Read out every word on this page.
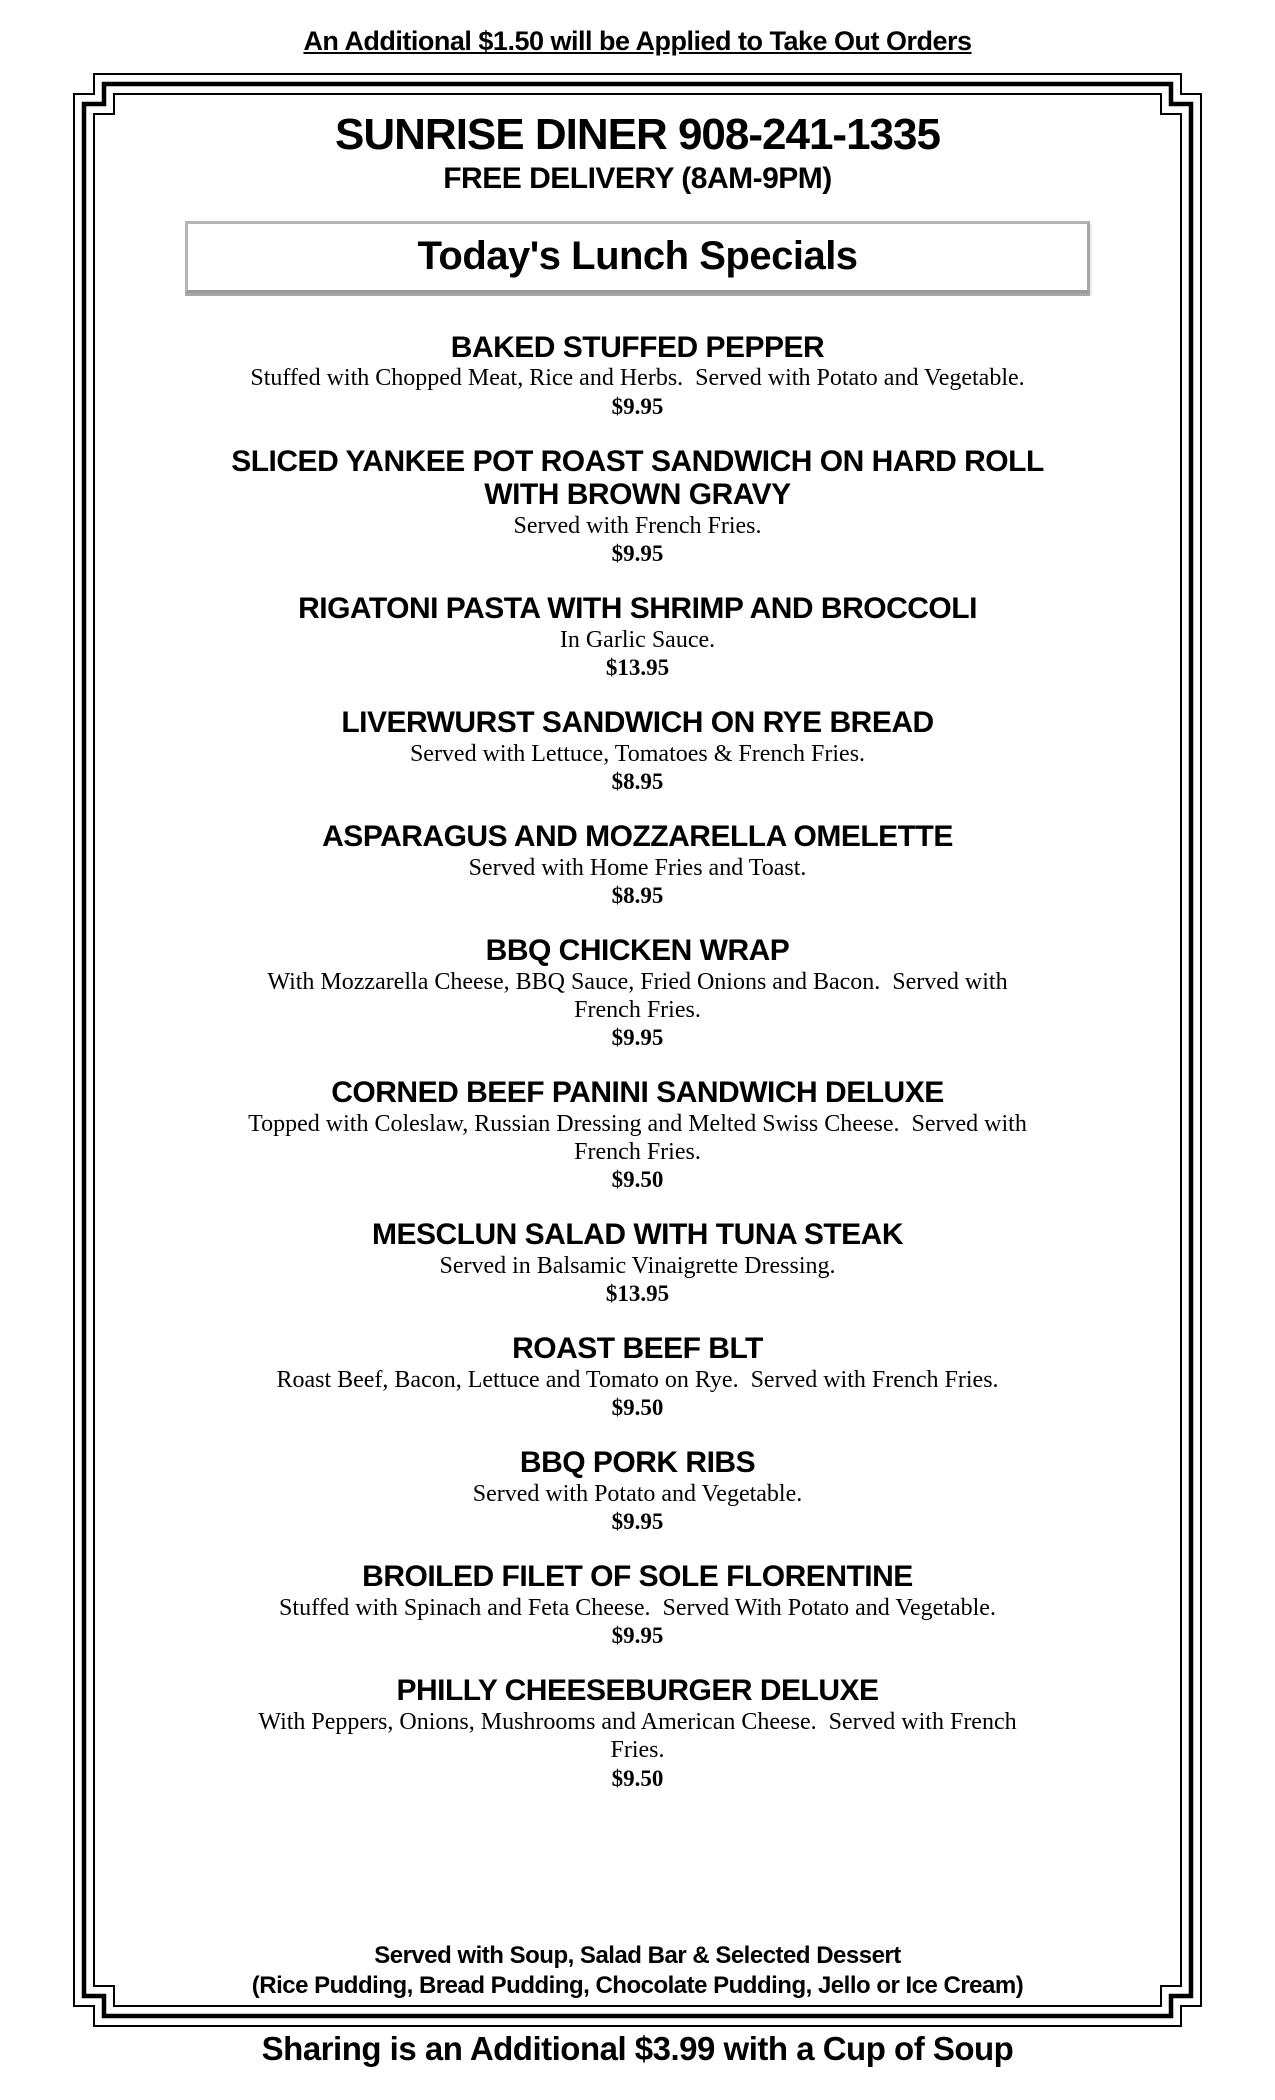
An Additional $1.50 will be Applied to Take Out Orders
SUNRISE DINER 908-241-1335
FREE DELIVERY (8AM-9PM)
Today's Lunch Specials
BAKED STUFFED PEPPER
Stuffed with Chopped Meat, Rice and Herbs.  Served with Potato and Vegetable.
$9.95
SLICED YANKEE POT ROAST SANDWICH ON HARD ROLL
WITH BROWN GRAVY
Served with French Fries.
$9.95
RIGATONI PASTA WITH SHRIMP AND BROCCOLI
In Garlic Sauce.
$13.95
LIVERWURST SANDWICH ON RYE BREAD
Served with Lettuce, Tomatoes & French Fries.
$8.95
ASPARAGUS AND MOZZARELLA OMELETTE
Served with Home Fries and Toast.
$8.95
BBQ CHICKEN WRAP
With Mozzarella Cheese, BBQ Sauce, Fried Onions and Bacon.  Served with
French Fries.
$9.95
CORNED BEEF PANINI SANDWICH DELUXE
Topped with Coleslaw, Russian Dressing and Melted Swiss Cheese.  Served with
French Fries.
$9.50
MESCLUN SALAD WITH TUNA STEAK
Served in Balsamic Vinaigrette Dressing.
$13.95
ROAST BEEF BLT
Roast Beef, Bacon, Lettuce and Tomato on Rye.  Served with French Fries.
$9.50
BBQ PORK RIBS
Served with Potato and Vegetable.
$9.95
BROILED FILET OF SOLE FLORENTINE
Stuffed with Spinach and Feta Cheese.  Served With Potato and Vegetable.
$9.95
PHILLY CHEESEBURGER DELUXE
With Peppers, Onions, Mushrooms and American Cheese.  Served with French
Fries.
$9.50
Served with Soup, Salad Bar & Selected Dessert
(Rice Pudding, Bread Pudding, Chocolate Pudding, Jello or Ice Cream)
Sharing is an Additional $3.99 with a Cup of Soup
